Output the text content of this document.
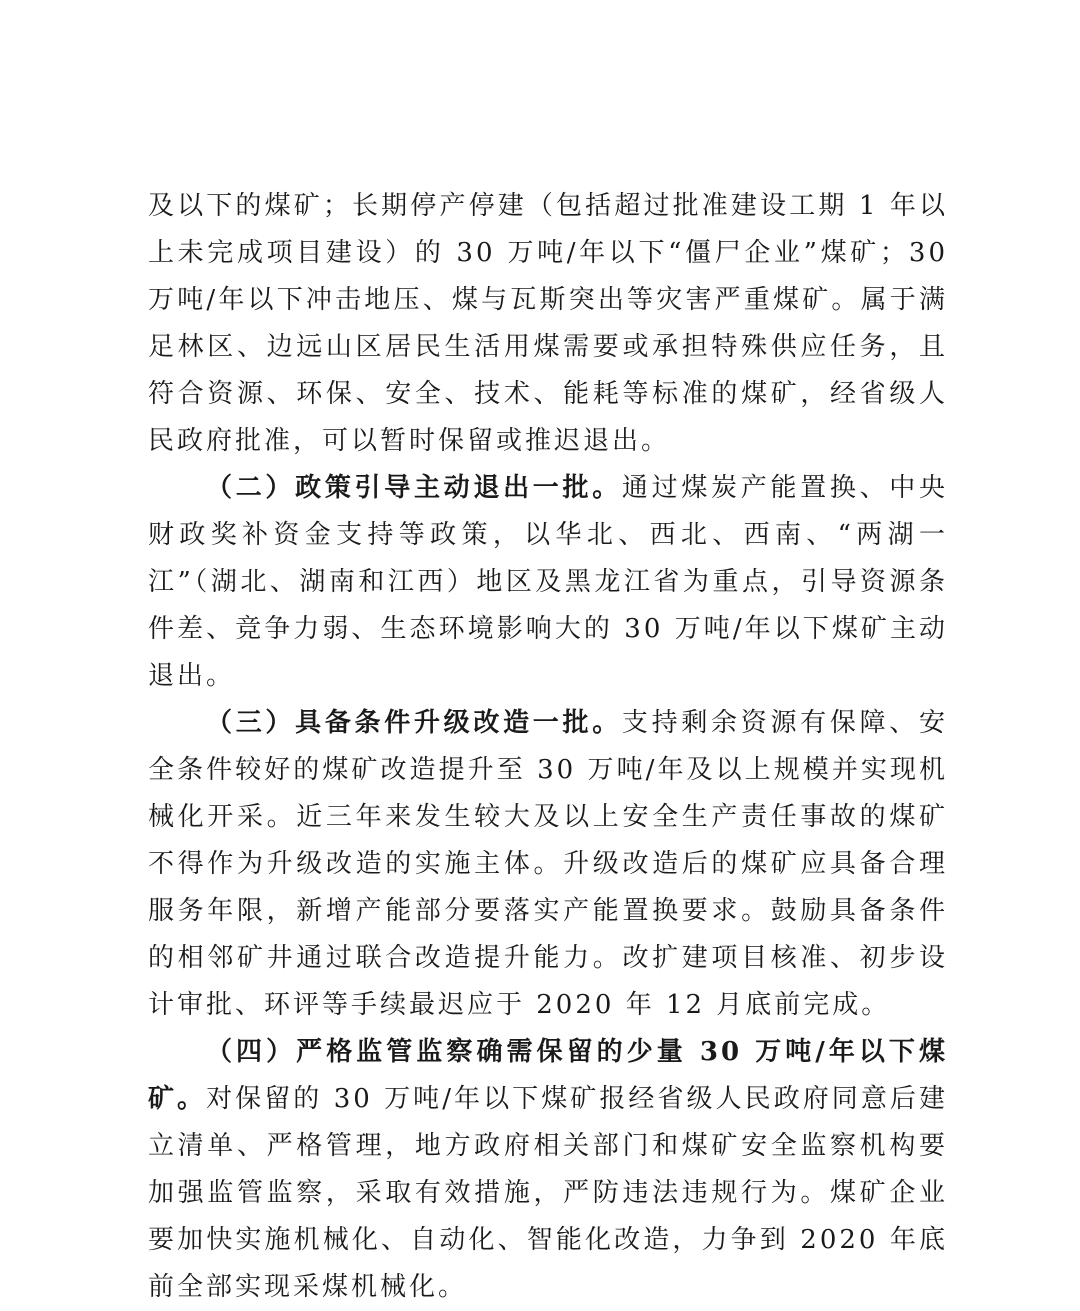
及以下的煤矿；长期停产停建（包括超过批准建设工期 1 年以上未完成项目建设）的 30 万吨/年以下“僵尸企业”煤矿；30 万吨/年以下冲击地压、煤与瓦斯突出等灾害严重煤矿。属于满足林区、边远山区居民生活用煤需要或承担特殊供应任务，且符合资源、环保、安全、技术、能耗等标准的煤矿，经省级人民政府批准，可以暂时保留或推迟退出。

（二）政策引导主动退出一批。通过煤炭产能置换、中央财政奖补资金支持等政策，以华北、西北、西南、“两湖一江”（湖北、湖南和江西）地区及黑龙江省为重点，引导资源条件差、竞争力弱、生态环境影响大的 30 万吨/年以下煤矿主动退出。

（三）具备条件升级改造一批。支持剩余资源有保障、安全条件较好的煤矿改造提升至 30 万吨/年及以上规模并实现机械化开采。近三年来发生较大及以上安全生产责任事故的煤矿不得作为升级改造的实施主体。升级改造后的煤矿应具备合理服务年限，新增产能部分要落实产能置换要求。鼓励具备条件的相邻矿井通过联合改造提升能力。改扩建项目核准、初步设计审批、环评等手续最迟应于 2020 年 12 月底前完成。

（四）严格监管监察确需保留的少量 30 万吨/年以下煤矿。对保留的 30 万吨/年以下煤矿报经省级人民政府同意后建立清单、严格管理，地方政府相关部门和煤矿安全监察机构要加强监管监察，采取有效措施，严防违法违规行为。煤矿企业要加快实施机械化、自动化、智能化改造，力争到 2020 年底前全部实现采煤机械化。
